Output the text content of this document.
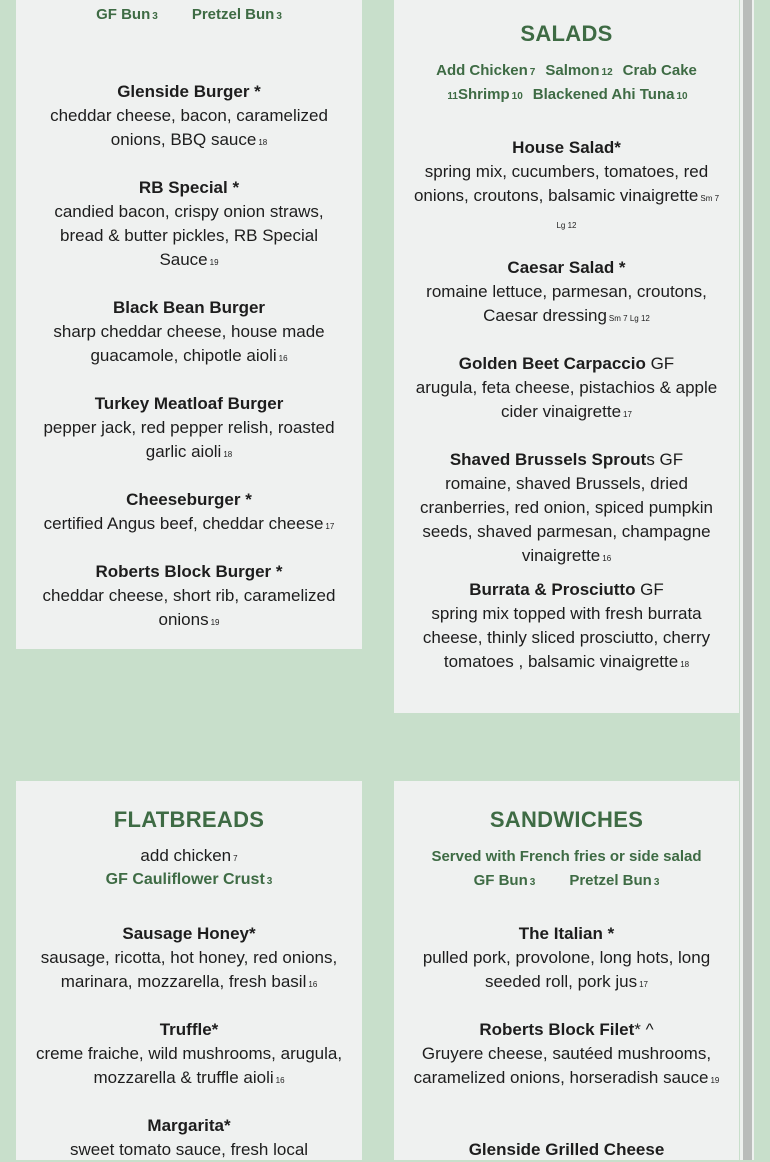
GF Bun 3 Pretzel Bun 3
Glenside Burger *
cheddar cheese, bacon, caramelized onions, BBQ sauce 18
RB Special *
candied bacon, crispy onion straws, bread & butter pickles, RB Special Sauce 19
Black Bean Burger
sharp cheddar cheese, house made guacamole, chipotle aioli 16
Turkey Meatloaf Burger
pepper jack, red pepper relish, roasted garlic aioli 18
Cheeseburger *
certified Angus beef, cheddar cheese 17
Roberts Block Burger *
cheddar cheese, short rib, caramelized onions 19
SALADS
Add Chicken 7 Salmon 12 Crab Cake
11Shrimp 10 Blackened Ahi Tuna 10
House Salad*
spring mix, cucumbers, tomatoes, red onions, croutons, balsamic vinaigrette Sm 7 Lg 12
Caesar Salad *
romaine lettuce, parmesan, croutons, Caesar dressing Sm 7 Lg 12
Golden Beet Carpaccio GF
arugula, feta cheese, pistachios & apple cider vinaigrette 17
Shaved Brussels Sprouts GF
romaine, shaved Brussels, dried cranberries, red onion, spiced pumpkin seeds, shaved parmesan, champagne vinaigrette 16
Burrata & Prosciutto GF
spring mix topped with fresh burrata cheese, thinly sliced prosciutto, cherry tomatoes , balsamic vinaigrette 18
FLATBREADS
add chicken 7
GF Cauliflower Crust 3
Sausage Honey*
sausage, ricotta, hot honey, red onions, marinara, mozzarella, fresh basil 16
Truffle*
creme fraiche, wild mushrooms, arugula, mozzarella & truffle aioli 16
Margarita*
sweet tomato sauce, fresh local
SANDWICHES
Served with French fries or side salad
GF Bun 3 Pretzel Bun 3
The Italian *
pulled pork, provolone, long hots, long seeded roll, pork jus 17
Roberts Block Filet* ^
Gruyere cheese, sautéed mushrooms, caramelized onions, horseradish sauce 19
Glenside Grilled Cheese
